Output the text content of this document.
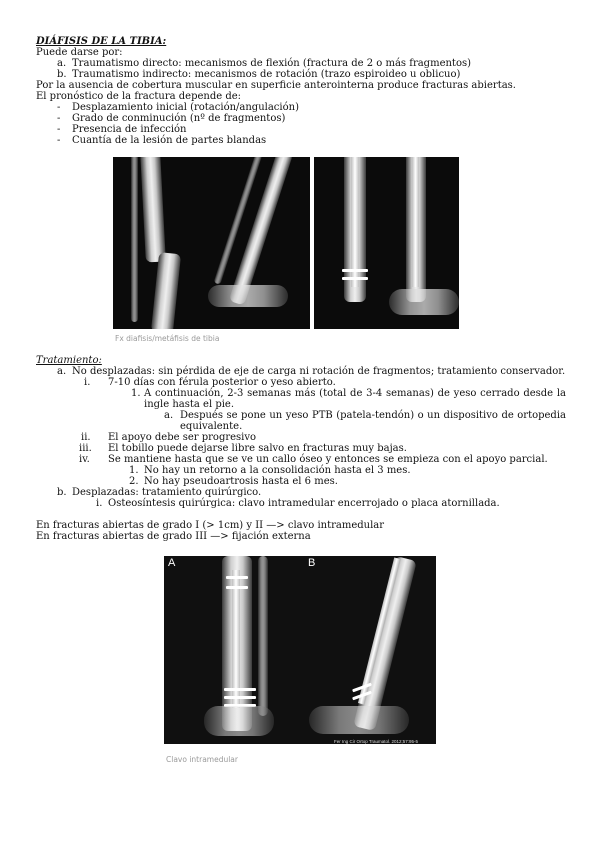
DIÁFISIS DE LA TIBIA:
Puede darse por:
a. Traumatismo directo: mecanismos de flexión (fractura de 2 o más fragmentos)
b. Traumatismo indirecto: mecanismos de rotación (trazo espiroideo u oblicuo)
Por la ausencia de cobertura muscular en superficie anterointerna produce fracturas abiertas.
El pronóstico de la fractura depende de:
- Desplazamiento inicial (rotación/angulación)
- Grado de conminución (nº de fragmentos)
- Presencia de infección
- Cuantía de la lesión de partes blandas
Fx diafisis/metáfisis de tibia
Tratamiento:
a. No desplazadas: sin pérdida de eje de carga ni rotación de fragmentos; tratamiento conservador.
i. 7-10 días con férula posterior o yeso abierto.
1. A continuación, 2-3 semanas más (total de 3-4 semanas) de yeso cerrado desde la ingle hasta el pie.
a. Después se pone un yeso PTB (patela-tendón) o un dispositivo de ortopedia equivalente.
ii. El apoyo debe ser progresivo
iii. El tobillo puede dejarse libre salvo en fracturas muy bajas.
iv. Se mantiene hasta que se ve un callo óseo y entonces se empieza con el apoyo parcial.
1. No hay un retorno a la consolidación hasta el 3 mes.
2. No hay pseudoartrosis hasta el 6 mes.
b. Desplazadas: tratamiento quirúrgico.
i. Osteosíntesis quirúrgica: clavo intramedular encerrojado o placa atornillada.
En fracturas abiertas de grado I (> 1cm) y II —> clavo intramedular
En fracturas abiertas de grado III —> fijación externa
A	B
Fer Ing Cir Ortop Traumatol. 2012;57:95-5
Clavo intramedular
